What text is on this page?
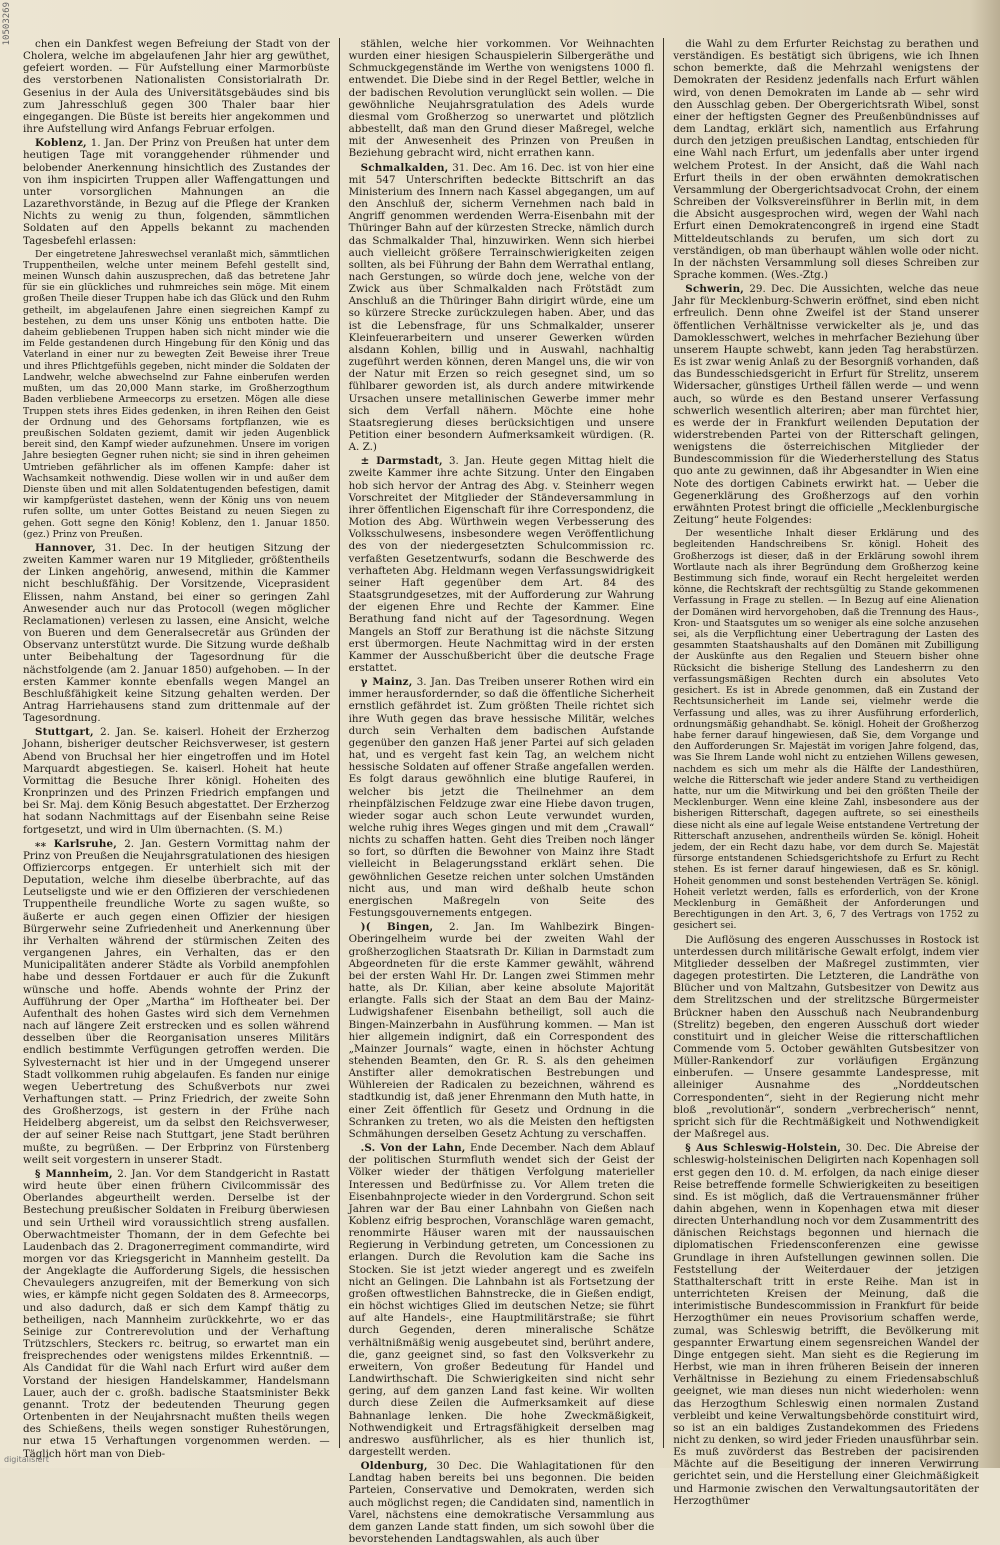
10503269	chen ein Dankfest wegen Befreiung der Stadt von der Cholera, welche im abgelaufenen Jahr hier arg gewüthet, gefeiert worden. — Für Aufstellung einer Marmorbüste des verstorbenen Nationalisten Consistorialrath Dr. Gesenius in der Aula des Universitätsgebäudes sind bis zum Jahresschluß gegen 300 Thaler baar hier eingegangen. Die Büste ist bereits hier angekommen und ihre Aufstellung wird Anfangs Februar erfolgen.

Koblenz, 1. Jan. Der Prinz von Preußen hat unter dem heutigen Tage mit voranggehender rühmender und belobender Anerkennung hinsichtlich des Zustandes der von ihm inspicirten Truppen aller Waffengattungen und unter vorsorglichen Mahnungen an die Lazarethvorstände, in Bezug auf die Pflege der Kranken Nichts zu wenig zu thun, folgenden, sämmtlichen Soldaten auf den Appells bekannt zu machenden Tagesbefehl erlassen:

Der eingetretene Jahreswechsel veranlaßt mich, sämmtlichen Truppentheilen, welche unter meinem Befehl gestellt sind, meinen Wunsch dahin auszusprechen, daß das betretene Jahr für sie ein glückliches und ruhmreiches sein möge. Mit einem großen Theile dieser Truppen habe ich das Glück und den Ruhm getheilt, im abgelaufenen Jahre einen siegreichen Kampf zu bestehen, zu dem uns unser König uns entboten hatte. Die daheim gebliebenen Truppen haben sich nicht minder wie die im Felde gestandenen durch Hingebung für den König und das Vaterland in einer nur zu bewegten Zeit Beweise ihrer Treue und ihres Pflichtgefühls gegeben, nicht minder die Soldaten der Landwehr, welche abwechselnd zur Fahne einberufen werden mußten, um das 20,000 Mann starke, im Großherzogthum Baden verbliebene Armeecorps zu ersetzen. Mögen alle diese Truppen stets ihres Eides gedenken, in ihren Reihen den Geist der Ordnung und des Gehorsams fortpflanzen, wie es preußischen Soldaten geziemt, damit wir jeden Augenblick bereit sind, den Kampf wieder aufzunehmen. Unsere im vorigen Jahre besiegten Gegner ruhen nicht; sie sind in ihren geheimen Umtrieben gefährlicher als im offenen Kampfe: daher ist Wachsamkeit nothwendig. Diese wollen wir in und außer dem Dienste üben und mit allen Soldatentugenden befestigen, damit wir kampfgerüstet dastehen, wenn der König uns von neuem rufen sollte, um unter Gottes Beistand zu neuen Siegen zu gehen. Gott segne den König! Koblenz, den 1. Januar 1850. (gez.) Prinz von Preußen.

Hannover, 31. Dec. In der heutigen Sitzung der zweiten Kammer waren nur 19 Mitglieder, größtentheils der Linken angehörig, anwesend, mithin die Kammer nicht beschlußfähig. Der Vorsitzende, Viceprasident Elissen, nahm Anstand, bei einer so geringen Zahl Anwesender auch nur das Protocoll (wegen möglicher Reclamationen) verlesen zu lassen, eine Ansicht, welche von Bueren und dem Generalsecretär aus Gründen der Observanz unterstützt wurde. Die Sitzung wurde deßhalb unter Beibehaltung der Tagesordnung für die nächstfolgende (am 2. Januar 1850) aufgehoben. — In der ersten Kammer konnte ebenfalls wegen Mangel an Beschlußfähigkeit keine Sitzung gehalten werden. Der Antrag Harriehausens stand zum drittenmale auf der Tagesordnung.

Stuttgart, 2. Jan. Se. kaiserl. Hoheit der Erzherzog Johann, bisheriger deutscher Reichsverweser, ist gestern Abend von Bruchsal her hier eingetroffen und im Hotel Marquardt abgestiegen. Se. kaiserl. Hoheit hat heute Vormittag die Besuche Ihrer königl. Hoheiten des Kronprinzen und des Prinzen Friedrich empfangen und bei Sr. Maj. dem König Besuch abgestattet. Der Erzherzog hat sodann Nachmittags auf der Eisenbahn seine Reise fortgesetzt, und wird in Ulm übernachten. (S. M.)

⁎⁎ Karlsruhe, 2. Jan. Gestern Vormittag nahm der Prinz von Preußen die Neujahrsgratulationen des hiesigen Offiziercorps entgegen. Er unterhielt sich mit der Deputation, welche ihm dieselbe überbrachte, auf das Leutseligste und wie er den Offizieren der verschiedenen Truppentheile freundliche Worte zu sagen wußte, so äußerte er auch gegen einen Offizier der hiesigen Bürgerwehr seine Zufriedenheit und Anerkennung über ihr Verhalten während der stürmischen Zeiten des vergangenen Jahres, ein Verhalten, das er den Municipalitäten anderer Städte als Vorbild anempfohlen habe und dessen Fortdauer er auch für die Zukunft wünsche und hoffe. Abends wohnte der Prinz der Aufführung der Oper „Martha“ im Hoftheater bei. Der Aufenthalt des hohen Gastes wird sich dem Vernehmen nach auf längere Zeit erstrecken und es sollen während desselben über die Reorganisation unseres Militärs endlich bestimmte Verfügungen getroffen werden. Die Sylvesternacht ist hier und in der Umgegend unserer Stadt vollkommen ruhig abgelaufen. Es fanden nur einige wegen Uebertretung des Schußverbots nur zwei Verhaftungen statt. — Prinz Friedrich, der zweite Sohn des Großherzogs, ist gestern in der Frühe nach Heidelberg abgereist, um da selbst den Reichsverweser, der auf seiner Reise nach Stuttgart, jene Stadt berühren mußte, zu begrüßen. — Der Erbprinz von Fürstenberg weilt seit vorgestern in unserer Stadt.

§ Mannheim, 2. Jan. Vor dem Standgericht in Rastatt wird heute über einen frühern Civilcommissär des Oberlandes abgeurtheilt werden. Derselbe ist der Bestechung preußischer Soldaten in Freiburg überwiesen und sein Urtheil wird voraussichtlich streng ausfallen. Oberwachtmeister Thomann, der in dem Gefechte bei Laudenbach das 2. Dragonerregiment commandirte, wird morgen vor das Kriegsgericht in Mannheim gestellt. Da der Angeklagte die Aufforderung Sigels, die hessischen Chevaulegers anzugreifen, mit der Bemerkung von sich wies, er kämpfe nicht gegen Soldaten des 8. Armeecorps, und also dadurch, daß er sich dem Kampf thätig zu betheiligen, nach Mannheim zurückkehrte, wo er das Seinige zur Contrerevolution und der Verhaftung Trützschlers, Steckers rc. beitrug, so erwartet man ein freisprechendes oder wenigstens mildes Erkenntniß. — Als Candidat für die Wahl nach Erfurt wird außer dem Vorstand der hiesigen Handelskammer, Handelsmann Lauer, auch der c. großh. badische Staatsminister Bekk genannt. Trotz der bedeutenden Theurung gegen Ortenbenten in der Neujahrsnacht mußten theils wegen des Schießens, theils wegen sonstiger Ruhestörungen, nur etwa 15 Verhaftungen vorgenommen werden. — Täglich hört man von Dieb-

stählen, welche hier vorkommen. Vor Weihnachten wurden einer hiesigen Schauspielerin Silbergeräthe und Schmuckgegenstände im Werthe von wenigstens 1000 fl. entwendet. Die Diebe sind in der Regel Bettler, welche in der badischen Revolution verunglückt sein wollen. — Die gewöhnliche Neujahrsgratulation des Adels wurde diesmal vom Großherzog so unerwartet und plötzlich abbestellt, daß man den Grund dieser Maßregel, welche mit der Anwesenheit des Prinzen von Preußen in Beziehung gebracht wird, nicht errathen kann.

Schmalkalden, 31. Dec. Am 16. Dec. ist von hier eine mit 547 Unterschriften bedeckte Bittschrift an das Ministerium des Innern nach Kassel abgegangen, um auf den Anschluß der, sicherm Vernehmen nach bald in Angriff genommen werdenden Werra-Eisenbahn mit der Thüringer Bahn auf der kürzesten Strecke, nämlich durch das Schmalkalder Thal, hinzuwirken. Wenn sich hierbei auch vielleicht größere Terrainschwierigkeiten zeigen sollten, als bei Führung der Bahn dem Werrathal entlang, nach Gerstungen, so würde doch jene, welche von der Zwick aus über Schmalkalden nach Frötstädt zum Anschluß an die Thüringer Bahn dirigirt würde, eine um so kürzere Strecke zurückzulegen haben. Aber, und das ist die Lebensfrage, für uns Schmalkalder, unserer Kleinfeuerarbeitern und unserer Gewerken würden alsdann Kohlen, billig und in Auswahl, nachhaltig zugeführt werden können, deren Mangel uns, die wir von der Natur mit Erzen so reich gesegnet sind, um so fühlbarer geworden ist, als durch andere mitwirkende Ursachen unsere metallinischen Gewerbe immer mehr sich dem Verfall nähern. Möchte eine hohe Staatsregierung dieses berücksichtigen und unsere Petition einer besondern Aufmerksamkeit würdigen. (R. A. Z.)

± Darmstadt, 3. Jan. Heute gegen Mittag hielt die zweite Kammer ihre achte Sitzung. Unter den Eingaben hob sich hervor der Antrag des Abg. v. Steinherr wegen Vorschreitet der Mitglieder der Ständeversammlung in ihrer öffentlichen Eigenschaft für ihre Correspondenz, die Motion des Abg. Würthwein wegen Verbesserung des Volksschulwesens, insbesondere wegen Veröffentlichung des von der niedergesetzten Schulcommission rc. verfaßten Gesetzentwurfs, sodann die Beschwerde des verhafteten Abg. Heldmann wegen Verfassungswidrigkeit seiner Haft gegenüber dem Art. 84 des Staatsgrundgesetzes, mit der Aufforderung zur Wahrung der eigenen Ehre und Rechte der Kammer. Eine Berathung fand nicht auf der Tagesordnung. Wegen Mangels an Stoff zur Berathung ist die nächste Sitzung erst übermorgen. Heute Nachmittag wird in der ersten Kammer der Ausschußbericht über die deutsche Frage erstattet.

γ Mainz, 3. Jan. Das Treiben unserer Rothen wird ein immer herausfordernder, so daß die öffentliche Sicherheit ernstlich gefährdet ist. Zum größten Theile richtet sich ihre Wuth gegen das brave hessische Militär, welches durch sein Verhalten dem badischen Aufstande gegenüber den ganzen Haß jener Partei auf sich geladen hat, und es vergeht fast kein Tag, an welchem nicht hessische Soldaten auf offener Straße angefallen werden. Es folgt daraus gewöhnlich eine blutige Rauferei, in welcher bis jetzt die Theilnehmer an dem rheinpfälzischen Feldzuge zwar eine Hiebe davon trugen, wieder sogar auch schon Leute verwundet wurden, welche ruhig ihres Weges gingen und mit dem „Crawall“ nichts zu schaffen hatten. Geht dies Treiben noch länger so fort, so dürften die Bewohner von Mainz ihre Stadt vielleicht in Belagerungsstand erklärt sehen. Die gewöhnlichen Gesetze reichen unter solchen Umständen nicht aus, und man wird deßhalb heute schon energischen Maßregeln von Seite des Festungsgouvernements entgegen.

)( Bingen, 2. Jan. Im Wahlbezirk Bingen-Oberingelheim wurde bei der zweiten Wahl der großherzoglichen Staatsrath Dr. Kilian in Darmstadt zum Abgeordneten für die erste Kammer gewählt, während bei der ersten Wahl Hr. Dr. Langen zwei Stimmen mehr hatte, als Dr. Kilian, aber keine absolute Majorität erlangte. Falls sich der Staat an dem Bau der Mainz-Ludwigshafener Eisenbahn betheiligt, soll auch die Bingen-Mainzerbahn in Ausführung kommen. — Man ist hier allgemein indignirt, daß ein Correspondent des „Mainzer Journals“ wagte, einen in höchster Achtung stehenden Beamten, den Gr. R. S. als den geheimen Anstifter aller demokratischen Bestrebungen und Wühlereien der Radicalen zu bezeichnen, während es stadtkundig ist, daß jener Ehrenmann den Muth hatte, in einer Zeit öffentlich für Gesetz und Ordnung in die Schranken zu treten, wo als die Meisten den heftigsten Schmähungen derselben Gesetz Achtung zu verschaffen.

.S. Von der Lahn, Ende December. Nach dem Ablauf der politischen Sturmfluth wendet sich der Geist der Völker wieder der thätigen Verfolgung materieller Interessen und Bedürfnisse zu. Vor Allem treten die Eisenbahnprojecte wieder in den Vordergrund. Schon seit Jahren war der Bau einer Lahnbahn von Gießen nach Koblenz eifrig besprochen, Voranschläge waren gemacht, renommirte Häuser waren mit der naussauischen Regierung in Verbindung getreten, um Concessionen zu erlangen. Durch die Revolution kam die Sache ins Stocken. Sie ist jetzt wieder angeregt und es zweifeln nicht an Gelingen. Die Lahnbahn ist als Fortsetzung der großen oftwestlichen Bahnstrecke, die in Gießen endigt, ein höchst wichtiges Glied im deutschen Netze; sie führt auf alte Handels-, eine Hauptmilitärstraße; sie führt durch Gegenden, deren mineralische Schätze verhältnißmäßig wenig ausgebeutet sind, berührt andere, die, ganz geeignet sind, so fast den Volksverkehr zu erweitern, Von großer Bedeutung für Handel und Landwirthschaft. Die Schwierigkeiten sind nicht sehr gering, auf dem ganzen Land fast keine. Wir wollten durch diese Zeilen die Aufmerksamkeit auf diese Bahnanlage lenken. Die hohe Zweckmäßigkeit, Nothwendigkeit und Ertragsfähigkeit derselben mag andreswo ausführlicher, als es hier thunlich ist, dargestellt werden.

Oldenburg, 30 Dec. Die Wahlagitationen für den Landtag haben bereits bei uns begonnen. Die beiden Parteien, Conservative und Demokraten, werden sich auch möglichst regen; die Candidaten sind, namentlich in Varel, nächstens eine demokratische Versammlung aus dem ganzen Lande statt finden, um sich sowohl über die bevorstehenden Landtagswahlen, als auch über

die Wahl zu dem Erfurter Reichstag zu berathen und verständigen. Es bestätigt sich übrigens, wie ich Ihnen schon bemerkte, daß die Mehrzahl wenigstens der Demokraten der Residenz jedenfalls nach Erfurt wählen wird, von denen Demokraten im Lande ab — sehr wird den Ausschlag geben. Der Obergerichtsrath Wibel, sonst einer der heftigsten Gegner des Preußenbündnisses auf dem Landtag, erklärt sich, namentlich aus Erfahrung durch den jetzigen preußischen Landtag, entschieden für eine Wahl nach Erfurt, um jedenfalls aber unter irgend welchem Protest. In der Ansicht, daß die Wahl nach Erfurt theils in der oben erwähnten demokratischen Versammlung der Obergerichtsadvocat Crohn, der einem Schreiben der Volksvereinsführer in Berlin mit, in dem die Absicht ausgesprochen wird, wegen der Wahl nach Erfurt einen Demokratencongreß in irgend eine Stadt Mitteldeutschlands zu berufen, um sich dort zu verständigen, ob man überhaupt wählen wolle oder nicht. In der nächsten Versammlung soll dieses Schreiben zur Sprache kommen. (Wes.-Ztg.)

Schwerin, 29. Dec. Die Aussichten, welche das neue Jahr für Mecklenburg-Schwerin eröffnet, sind eben nicht erfreulich. Denn ohne Zweifel ist der Stand unserer öffentlichen Verhältnisse verwickelter als je, und das Damoklesschwert, welches in mehrfacher Beziehung über unserem Haupte schwebt, kann jeden Tag herabstürzen. Es ist zwar wenig Anlaß zu der Besorgniß vorhanden, daß das Bundesschiedsgericht in Erfurt für Strelitz, unserem Widersacher, günstiges Urtheil fällen werde — und wenn auch, so würde es den Bestand unserer Verfassung schwerlich wesentlich alteriren; aber man fürchtet hier, es werde der in Frankfurt weilenden Deputation der widerstrebenden Partei von der Ritterschaft gelingen, wenigstens die österreichischen Mitglieder der Bundescommission für die Wiederherstellung des Status quo ante zu gewinnen, daß ihr Abgesandter in Wien eine Note des dortigen Cabinets erwirkt hat. — Ueber die Gegenerklärung des Großherzogs auf den vorhin erwähnten Protest bringt die officielle „Mecklenburgische Zeitung“ heute Folgendes:

Der wesentliche Inhalt dieser Erklärung und des begleitenden Handschreibens Sr. königl. Hoheit des Großherzogs ist dieser, daß in der Erklärung sowohl ihrem Wortlaute nach als ihrer Begründung dem Großherzog keine Bestimmung sich finde, worauf ein Recht hergeleitet werden könne, die Rechtskraft der rechtsgültig zu Stande gekommenen Verfassung in Frage zu stellen. — In Bezug auf eine Alienation der Domänen wird hervorgehoben, daß die Trennung des Haus-, Kron- und Staatsgutes um so weniger als eine solche anzusehen sei, als die Verpflichtung einer Uebertragung der Lasten des gesammten Staatshaushalts auf den Domänen mit Zubilligung der Auskünfte aus den Regalien und Steuern bisher ohne Rücksicht die bisherige Stellung des Landesherrn zu den verfassungsmäßigen Rechten durch ein absolutes Veto gesichert. Es ist in Abrede genommen, daß ein Zustand der Rechtsunsicherheit im Lande sei, vielmehr werde die Verfassung und alles, was zu ihrer Ausführung erforderlich, ordnungsmäßig gehandhabt. Se. königl. Hoheit der Großherzog habe ferner darauf hingewiesen, daß Sie, dem Vorgange und den Aufforderungen Sr. Majestät im vorigen Jahre folgend, das, was Sie Ihrem Lande wohl nicht zu entziehen Willens gewesen, nachdem es sich um mehr als die Hälfte der Landesthüren, welche die Ritterschaft wie jeder andere Stand zu vertheidigen hatte, nur um die Mitwirkung und bei den größten Theile der Mecklenburger. Wenn eine kleine Zahl, insbesondere aus der bisherigen Ritterschaft, dagegen auftrete, so sei einestheils diese nicht als eine auf legale Weise entstandene Vertretung der Ritterschaft anzusehen, andrentheils würden Se. königl. Hoheit jedem, der ein Recht dazu habe, vor dem durch Se. Majestät fürsorge entstandenen Schiedsgerichtshofe zu Erfurt zu Recht stehen. Es ist ferner darauf hingewiesen, daß es Sr. königl. Hoheit genommen und sonst bestehenden Verträgen Se. königl. Hoheit verletzt werden, falls es erforderlich, von der Krone Mecklenburg in Gemäßheit der Anforderungen und Berechtigungen in den Art. 3, 6, 7 des Vertrags von 1752 zu gesichert sei.

Die Auflösung des engeren Ausschusses in Rostock ist unterdessen durch militärische Gewalt erfolgt, indem vier Mitglieder desselben der Maßregel zustimmten, vier dagegen protestirten. Die Letzteren, die Landräthe von Blücher und von Maltzahn, Gutsbesitzer von Dewitz aus dem Strelitzschen und der strelitzsche Bürgermeister Brückner haben den Ausschuß nach Neubrandenburg (Strelitz) begeben, den engeren Ausschuß dort wieder constituirt und in gleicher Weise die ritterschaftlichen Commende vom 5. October gewählten Gutsbesitzer von Müller-Rankendorf zur vorläufigen Ergänzung einberufen. — Unsere gesammte Landespresse, mit alleiniger Ausnahme des „Norddeutschen Correspondenten“, sieht in der Regierung nicht mehr bloß „revolutionär“, sondern „verbrecherisch“ nennt, spricht sich für die Rechtmäßigkeit und Nothwendigkeit der Maßregel aus.

§ Aus Schleswig-Holstein, 30. Dec. Die Abreise der schleswig-holsteinischen Deligirten nach Kopenhagen soll erst gegen den 10. d. M. erfolgen, da nach einige dieser Reise betreffende formelle Schwierigkeiten zu beseitigen sind. Es ist möglich, daß die Vertrauensmänner früher dahin abgehen, wenn in Kopenhagen etwa mit dieser directen Unterhandlung noch vor dem Zusammentritt des dänischen Reichstags begonnen und hiernach die diplomatischen Friedensconferenzen eine gewisse Grundlage in ihren Aufstellungen gewinnen sollen. Die Feststellung der Weiterdauer der jetzigen Statthalterschaft tritt in erste Reihe. Man ist in unterrichteten Kreisen der Meinung, daß die interimistische Bundescommission in Frankfurt für beide Herzogthümer ein neues Provisorium schaffen werde, zumal, was Schleswig betrifft, die Bevölkerung mit gespannter Erwartung einem segensreichen Wandel der Dinge entgegen sieht. Man sieht es die Regierung im Herbst, wie man in ihren früheren Beisein der inneren Verhältnisse in Beziehung zu einem Friedensabschluß geeignet, wie man dieses nun nicht wiederholen: wenn das Herzogthum Schleswig einen normalen Zustand verbleibt und keine Verwaltungsbehörde constituirt wird, so ist an ein baldiges Zustandekommen des Friedens nicht zu denken, so wird jeder Frieden unausführbar sein. Es muß zuvörderst das Bestreben der pacisirenden Mächte auf die Beseitigung der inneren Verwirrung gerichtet sein, und die Herstellung einer Gleichmäßigkeit und Harmonie zwischen den Verwaltungsautoritäten der Herzogthümer

digitalisiert
